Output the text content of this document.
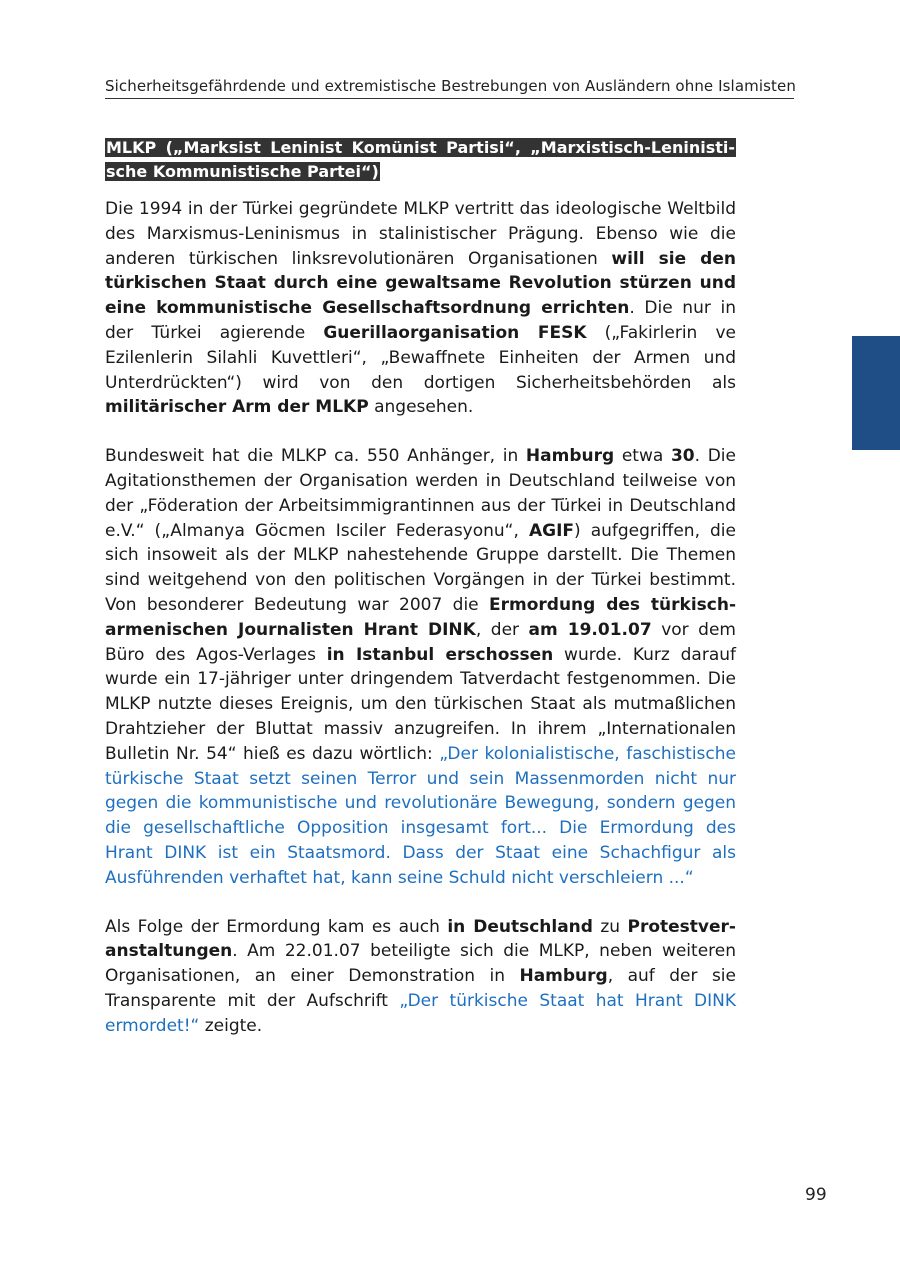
Sicherheitsgefährdende und extremistische Bestrebungen von Ausländern ohne Islamisten
MLKP („Marksist Leninist Komünist Partisi“, „Marxistisch-Leninistische Kommunistische Partei“)

Die 1994 in der Türkei gegründete MLKP vertritt das ideologische Weltbild des Marxismus-Leninismus in stalinistischer Prägung. Ebenso wie die anderen türkischen linksrevolutionären Organisationen will sie den türkischen Staat durch eine gewaltsame Revolution stürzen und eine kommunistische Gesellschaftsordnung errichten. Die nur in der Türkei agierende Guerillaorganisation FESK („Fakirlerin ve Ezilenlerin Silahli Kuvettleri“, „Bewaffnete Einheiten der Armen und Unterdrückten“) wird von den dortigen Sicherheitsbehörden als militärischer Arm der MLKP angesehen.

Bundesweit hat die MLKP ca. 550 Anhänger, in Hamburg etwa 30. Die Agitationsthemen der Organisation werden in Deutschland teilweise von der „Föderation der Arbeitsimmigrantinnen aus der Türkei in Deutschland e.V.“ („Almanya Göcmen Isciler Federasyonu“, AGIF) aufgegriffen, die sich insoweit als der MLKP nahestehende Gruppe darstellt. Die Themen sind weitgehend von den politischen Vorgängen in der Türkei bestimmt. Von besonderer Bedeutung war 2007 die Ermordung des türkisch-armenischen Journalisten Hrant DINK, der am 19.01.07 vor dem Büro des Agos-Verlages in Istanbul erschossen wurde. Kurz darauf wurde ein 17-jähriger unter dringendem Tatverdacht festgenommen. Die MLKP nutzte dieses Ereignis, um den türkischen Staat als mutmaßlichen Drahtzieher der Bluttat massiv anzugreifen. In ihrem „Internationalen Bulletin Nr. 54“ hieß es dazu wörtlich: „Der kolonialistische, faschistische türkische Staat setzt seinen Terror und sein Massenmorden nicht nur gegen die kommunistische und revolutionäre Bewegung, sondern gegen die gesellschaftliche Opposition insgesamt fort... Die Ermordung des Hrant DINK ist ein Staatsmord. Dass der Staat eine Schachfigur als Ausführenden verhaftet hat, kann seine Schuld nicht verschleiern ...“

Als Folge der Ermordung kam es auch in Deutschland zu Protestveranstaltungen. Am 22.01.07 beteiligte sich die MLKP, neben weiteren Organisationen, an einer Demonstration in Hamburg, auf der sie Transparente mit der Aufschrift „Der türkische Staat hat Hrant DINK ermordet!“ zeigte.

99
